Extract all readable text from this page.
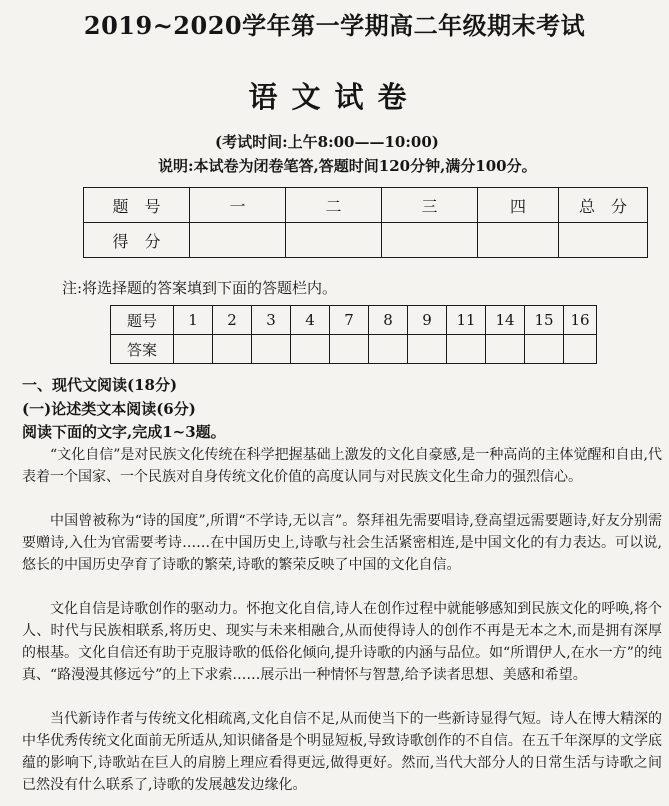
2019~2020学年第一学期高二年级期末考试
语文试卷
(考试时间:上午8:00——10:00)
说明:本试卷为闭卷笔答,答题时间120分钟,满分100分。
题　号	一	二	三	四	总　分
得　分					
注:将选择题的答案填到下面的答题栏内。
题号	1	2	3	4	7	8	9	11	14	15	16
答案											
一、现代文阅读(18分)
(一)论述类文本阅读(6分)
阅读下面的文字,完成1~3题。
“文化自信”是对民族文化传统在科学把握基础上激发的文化自豪感,是一种高尚的主体觉醒和自由,代表着一个国家、一个民族对自身传统文化价值的高度认同与对民族文化生命力的强烈信心。
中国曾被称为“诗的国度”,所谓“不学诗,无以言”。祭拜祖先需要唱诗,登高望远需要题诗,好友分别需要赠诗,入仕为官需要考诗……在中国历史上,诗歌与社会生活紧密相连,是中国文化的有力表达。可以说,悠长的中国历史孕育了诗歌的繁荣,诗歌的繁荣反映了中国的文化自信。
文化自信是诗歌创作的驱动力。怀抱文化自信,诗人在创作过程中就能够感知到民族文化的呼唤,将个人、时代与民族相联系,将历史、现实与未来相融合,从而使得诗人的创作不再是无本之木,而是拥有深厚的根基。文化自信还有助于克服诗歌的低俗化倾向,提升诗歌的内涵与品位。如“所谓伊人,在水一方”的纯真、“路漫漫其修远兮”的上下求索……展示出一种情怀与智慧,给予读者思想、美感和希望。
当代新诗作者与传统文化相疏离,文化自信不足,从而使当下的一些新诗显得气短。诗人在博大精深的中华优秀传统文化面前无所适从,知识储备是个明显短板,导致诗歌创作的不自信。在五千年深厚的文学底蕴的影响下,诗歌站在巨人的肩膀上理应看得更远,做得更好。然而,当代大部分人的日常生活与诗歌之间已然没有什么联系了,诗歌的发展越发边缘化。
